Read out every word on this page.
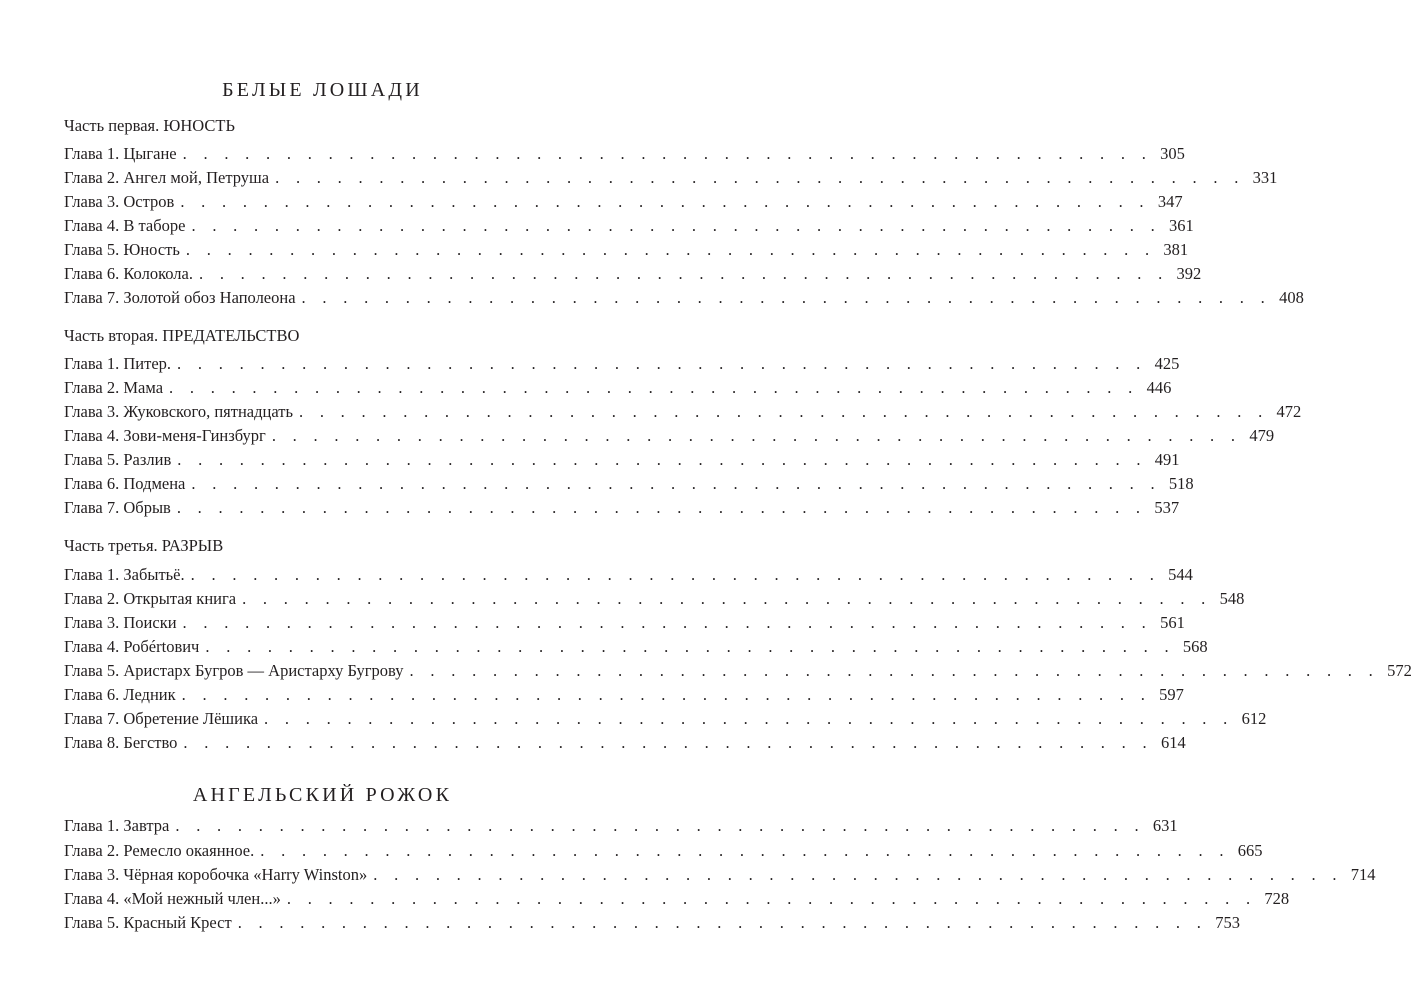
БЕЛЫЕ ЛОШАДИ
Часть первая. ЮНОСТЬ
Глава 1. Цыгане . . . . . . . . . . . . . . . . . . . . . . . . . . . . . . . . . . . . . . . . . . . . . . . 305
Глава 2. Ангел мой, Петруша . . . . . . . . . . . . . . . . . . . . . . . . . . . . . . . . . . . . . . . . . . . . . . . 331
Глава 3. Остров . . . . . . . . . . . . . . . . . . . . . . . . . . . . . . . . . . . . . . . . . . . . . . . 347
Глава 4. В таборе . . . . . . . . . . . . . . . . . . . . . . . . . . . . . . . . . . . . . . . . . . . . . . . 361
Глава 5. Юность . . . . . . . . . . . . . . . . . . . . . . . . . . . . . . . . . . . . . . . . . . . . . . . 381
Глава 6. Колокола. . . . . . . . . . . . . . . . . . . . . . . . . . . . . . . . . . . . . . . . . . . . . . . . 392
Глава 7. Золотой обоз Наполеона . . . . . . . . . . . . . . . . . . . . . . . . . . . . . . . . . . . . . . . . . . . . . . . 408
Часть вторая. ПРЕДАТЕЛЬСТВО
Глава 1. Питер. . . . . . . . . . . . . . . . . . . . . . . . . . . . . . . . . . . . . . . . . . . . . . . . 425
Глава 2. Мама . . . . . . . . . . . . . . . . . . . . . . . . . . . . . . . . . . . . . . . . . . . . . . . 446
Глава 3. Жуковского, пятнадцать . . . . . . . . . . . . . . . . . . . . . . . . . . . . . . . . . . . . . . . . . . . . . . . 472
Глава 4. Зови-меня-Гинзбург . . . . . . . . . . . . . . . . . . . . . . . . . . . . . . . . . . . . . . . . . . . . . . . 479
Глава 5. Разлив . . . . . . . . . . . . . . . . . . . . . . . . . . . . . . . . . . . . . . . . . . . . . . . 491
Глава 6. Подмена . . . . . . . . . . . . . . . . . . . . . . . . . . . . . . . . . . . . . . . . . . . . . . . 518
Глава 7. Обрыв . . . . . . . . . . . . . . . . . . . . . . . . . . . . . . . . . . . . . . . . . . . . . . . 537
Часть третья. РАЗРЫВ
Глава 1. Забытьё. . . . . . . . . . . . . . . . . . . . . . . . . . . . . . . . . . . . . . . . . . . . . . . . 544
Глава 2. Открытая книга . . . . . . . . . . . . . . . . . . . . . . . . . . . . . . . . . . . . . . . . . . . . . . . 548
Глава 3. Поиски . . . . . . . . . . . . . . . . . . . . . . . . . . . . . . . . . . . . . . . . . . . . . . . 561
Глава 4. Робértович . . . . . . . . . . . . . . . . . . . . . . . . . . . . . . . . . . . . . . . . . . . . . . . 568
Глава 5. Аристарх Бугров — Аристарху Бугрову . . . . . . . . . . . . . . . . . . . . . . . . . . . . . . . . . . . . . . . . . . . . . . . 572
Глава 6. Ледник . . . . . . . . . . . . . . . . . . . . . . . . . . . . . . . . . . . . . . . . . . . . . . . 597
Глава 7. Обретение Лёшика . . . . . . . . . . . . . . . . . . . . . . . . . . . . . . . . . . . . . . . . . . . . . . . 612
Глава 8. Бегство . . . . . . . . . . . . . . . . . . . . . . . . . . . . . . . . . . . . . . . . . . . . . . . 614
АНГЕЛЬСКИЙ РОЖОК
Глава 1. Завтра . . . . . . . . . . . . . . . . . . . . . . . . . . . . . . . . . . . . . . . . . . . . . . . 631
Глава 2. Ремесло окаянное. . . . . . . . . . . . . . . . . . . . . . . . . . . . . . . . . . . . . . . . . . . . . . . . 665
Глава 3. Чёрная коробочка «Harry Winston» . . . . . . . . . . . . . . . . . . . . . . . . . . . . . . . . . . . . . . . . . . . . . . . 714
Глава 4. «Мой нежный член...» . . . . . . . . . . . . . . . . . . . . . . . . . . . . . . . . . . . . . . . . . . . . . . . 728
Глава 5. Красный Крест . . . . . . . . . . . . . . . . . . . . . . . . . . . . . . . . . . . . . . . . . . . . . . . 753
